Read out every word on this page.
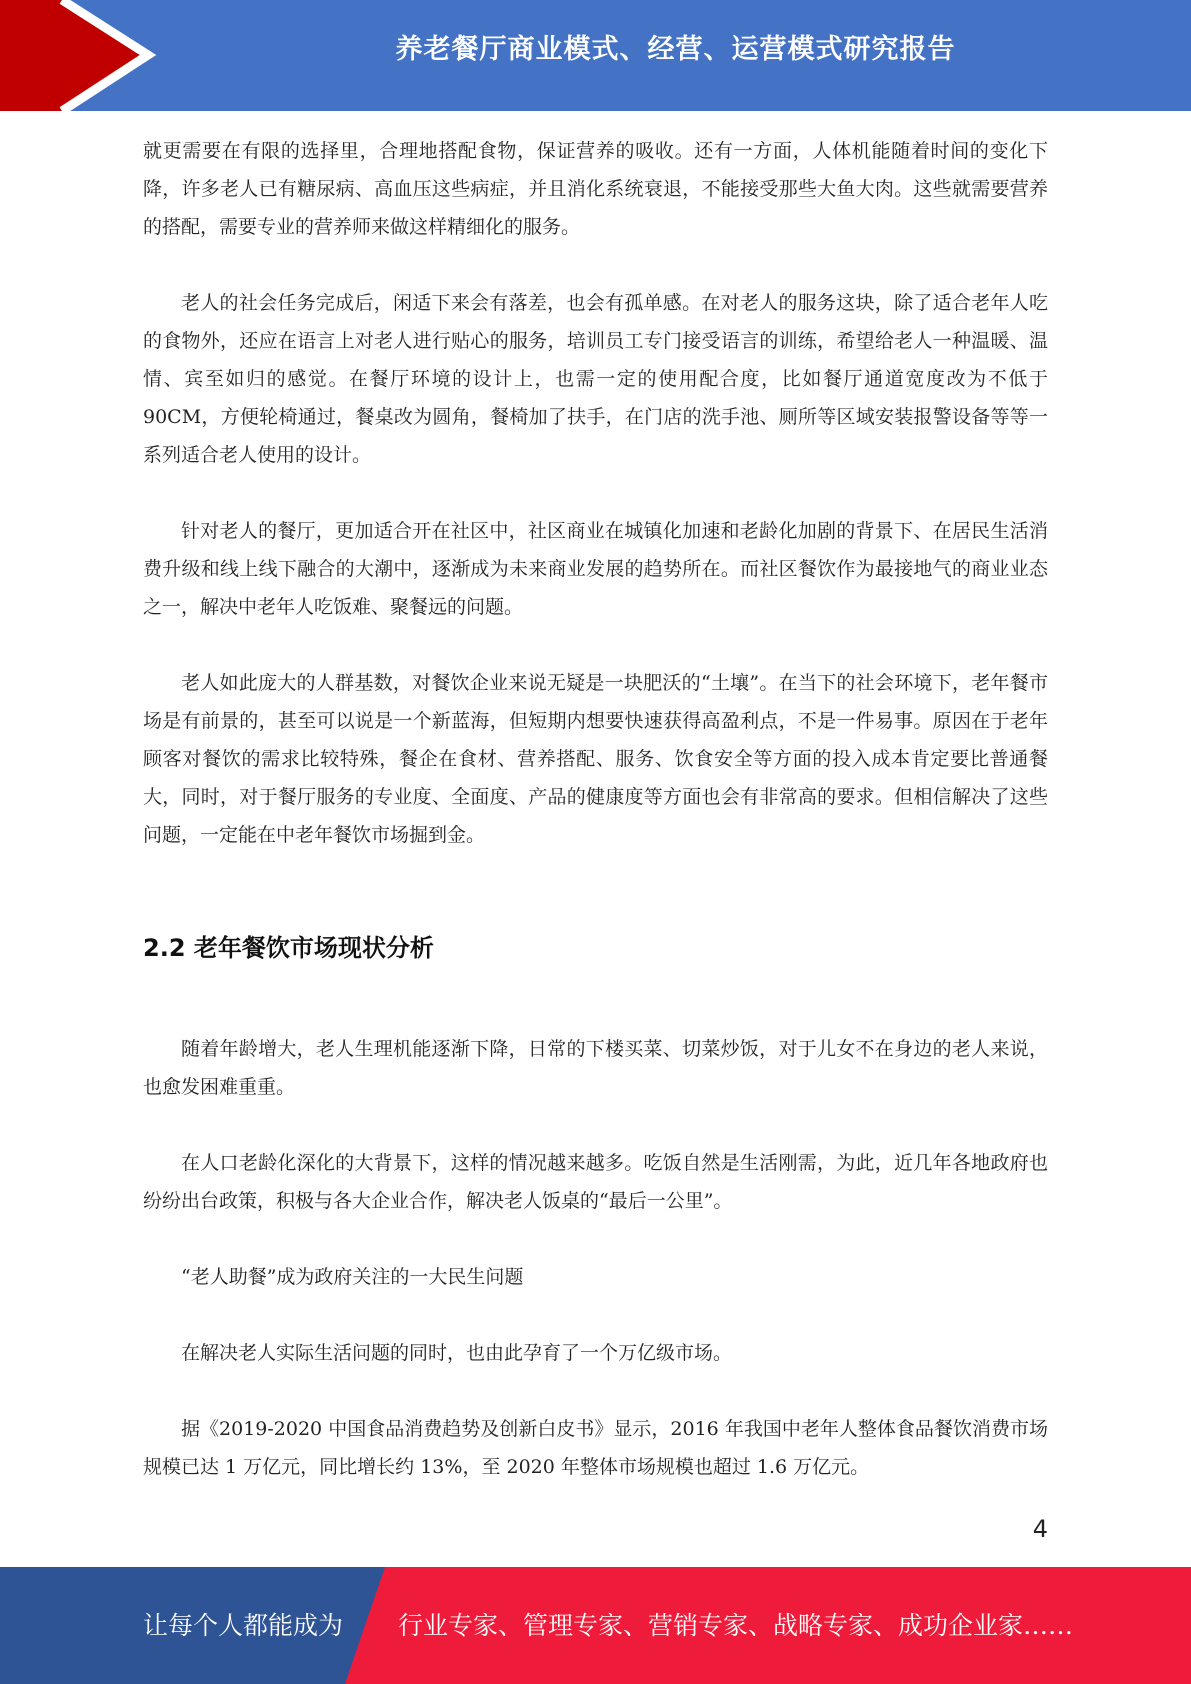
养老餐厅商业模式、经营、运营模式研究报告

就更需要在有限的选择里，合理地搭配食物，保证营养的吸收。还有一方面，人体机能随着时间的变化下降，许多老人已有糖尿病、高血压这些病症，并且消化系统衰退，不能接受那些大鱼大肉。这些就需要营养的搭配，需要专业的营养师来做这样精细化的服务。

老人的社会任务完成后，闲适下来会有落差，也会有孤单感。在对老人的服务这块，除了适合老年人吃的食物外，还应在语言上对老人进行贴心的服务，培训员工专门接受语言的训练，希望给老人一种温暖、温情、宾至如归的感觉。在餐厅环境的设计上，也需一定的使用配合度，比如餐厅通道宽度改为不低于 90CM，方便轮椅通过，餐桌改为圆角，餐椅加了扶手，在门店的洗手池、厕所等区域安装报警设备等等一系列适合老人使用的设计。

针对老人的餐厅，更加适合开在社区中，社区商业在城镇化加速和老龄化加剧的背景下、在居民生活消费升级和线上线下融合的大潮中，逐渐成为未来商业发展的趋势所在。而社区餐饮作为最接地气的商业业态之一，解决中老年人吃饭难、聚餐远的问题。

老人如此庞大的人群基数，对餐饮企业来说无疑是一块肥沃的“土壤”。在当下的社会环境下，老年餐市场是有前景的，甚至可以说是一个新蓝海，但短期内想要快速获得高盈利点，不是一件易事。原因在于老年顾客对餐饮的需求比较特殊，餐企在食材、营养搭配、服务、饮食安全等方面的投入成本肯定要比普通餐大，同时，对于餐厅服务的专业度、全面度、产品的健康度等方面也会有非常高的要求。但相信解决了这些问题，一定能在中老年餐饮市场掘到金。

2.2 老年餐饮市场现状分析

随着年龄增大，老人生理机能逐渐下降，日常的下楼买菜、切菜炒饭，对于儿女不在身边的老人来说，也愈发困难重重。

在人口老龄化深化的大背景下，这样的情况越来越多。吃饭自然是生活刚需，为此，近几年各地政府也纷纷出台政策，积极与各大企业合作，解决老人饭桌的“最后一公里”。

“老人助餐”成为政府关注的一大民生问题

在解决老人实际生活问题的同时，也由此孕育了一个万亿级市场。

据《2019-2020 中国食品消费趋势及创新白皮书》显示，2016 年我国中老年人整体食品餐饮消费市场规模已达 1 万亿元，同比增长约 13%，至 2020 年整体市场规模也超过 1.6 万亿元。

4
让每个人都能成为 行业专家、管理专家、营销专家、战略专家、成功企业家……
